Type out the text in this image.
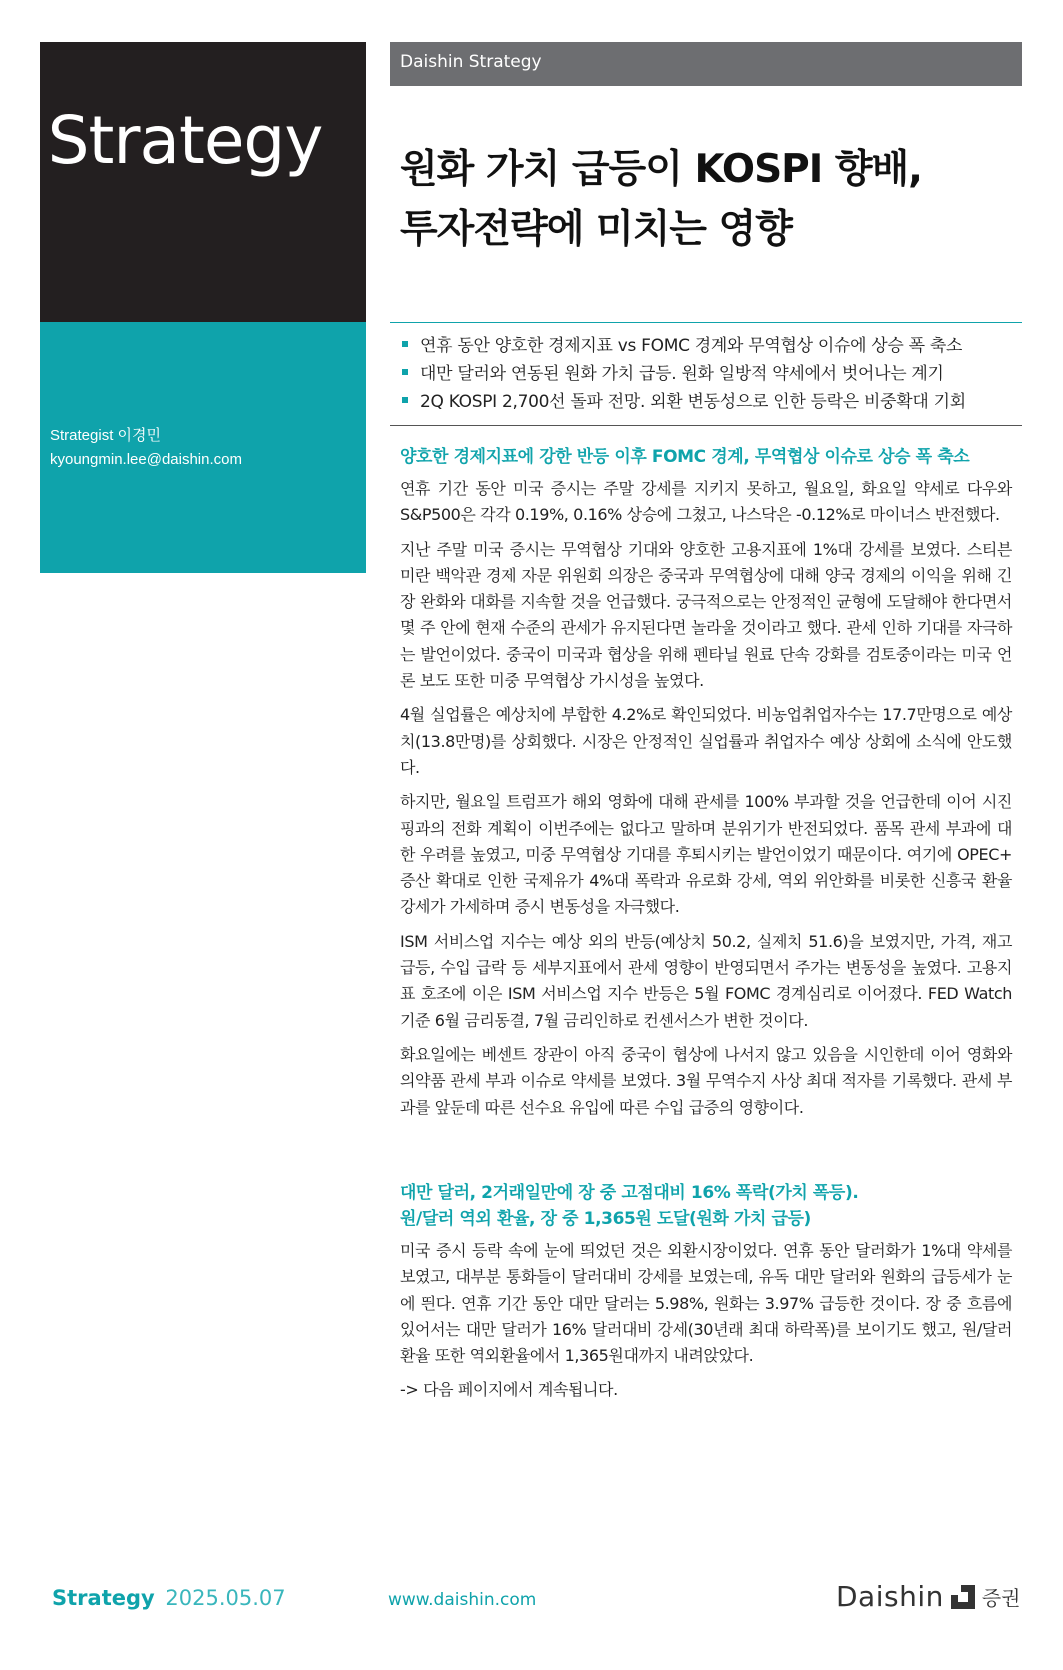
Strategy
Strategist 이경민
kyoungmin.lee@daishin.com
Daishin Strategy
원화 가치 급등이 KOSPI 향배,
투자전략에 미치는 영향
연휴 동안 양호한 경제지표 vs FOMC 경계와 무역협상 이슈에 상승 폭 축소
대만 달러와 연동된 원화 가치 급등. 원화 일방적 약세에서 벗어나는 계기
2Q KOSPI 2,700선 돌파 전망. 외환 변동성으로 인한 등락은 비중확대 기회
양호한 경제지표에 강한 반등 이후 FOMC 경계, 무역협상 이슈로 상승 폭 축소

연휴 기간 동안 미국 증시는 주말 강세를 지키지 못하고, 월요일, 화요일 약세로 다우와 S&P500은 각각 0.19%, 0.16% 상승에 그쳤고, 나스닥은 -0.12%로 마이너스 반전했다.

지난 주말 미국 증시는 무역협상 기대와 양호한 고용지표에 1%대 강세를 보였다. 스티븐 미란 백악관 경제 자문 위원회 의장은 중국과 무역협상에 대해 양국 경제의 이익을 위해 긴장 완화와 대화를 지속할 것을 언급했다. 궁극적으로는 안정적인 균형에 도달해야 한다면서 몇 주 안에 현재 수준의 관세가 유지된다면 놀라울 것이라고 했다. 관세 인하 기대를 자극하는 발언이었다. 중국이 미국과 협상을 위해 펜타닐 원료 단속 강화를 검토중이라는 미국 언론 보도 또한 미중 무역협상 가시성을 높였다.

4월 실업률은 예상치에 부합한 4.2%로 확인되었다. 비농업취업자수는 17.7만명으로 예상치(13.8만명)를 상회했다. 시장은 안정적인 실업률과 취업자수 예상 상회에 소식에 안도했다.

하지만, 월요일 트럼프가 해외 영화에 대해 관세를 100% 부과할 것을 언급한데 이어 시진핑과의 전화 계획이 이번주에는 없다고 말하며 분위기가 반전되었다. 품목 관세 부과에 대한 우려를 높였고, 미중 무역협상 기대를 후퇴시키는 발언이었기 때문이다. 여기에 OPEC+ 증산 확대로 인한 국제유가 4%대 폭락과 유로화 강세, 역외 위안화를 비롯한 신흥국 환율 강세가 가세하며 증시 변동성을 자극했다.

ISM 서비스업 지수는 예상 외의 반등(예상치 50.2, 실제치 51.6)을 보였지만, 가격, 재고 급등, 수입 급락 등 세부지표에서 관세 영향이 반영되면서 주가는 변동성을 높였다. 고용지표 호조에 이은 ISM 서비스업 지수 반등은 5월 FOMC 경계심리로 이어졌다. FED Watch 기준 6월 금리동결, 7월 금리인하로 컨센서스가 변한 것이다.

화요일에는 베센트 장관이 아직 중국이 협상에 나서지 않고 있음을 시인한데 이어 영화와 의약품 관세 부과 이슈로 약세를 보였다. 3월 무역수지 사상 최대 적자를 기록했다. 관세 부과를 앞둔데 따른 선수요 유입에 따른 수입 급증의 영향이다.

대만 달러, 2거래일만에 장 중 고점대비 16% 폭락(가치 폭등).
원/달러 역외 환율, 장 중 1,365원 도달(원화 가치 급등)

미국 증시 등락 속에 눈에 띄었던 것은 외환시장이었다. 연휴 동안 달러화가 1%대 약세를 보였고, 대부분 통화들이 달러대비 강세를 보였는데, 유독 대만 달러와 원화의 급등세가 눈에 띈다. 연휴 기간 동안 대만 달러는 5.98%, 원화는 3.97% 급등한 것이다. 장 중 흐름에 있어서는 대만 달러가 16% 달러대비 강세(30년래 최대 하락폭)를 보이기도 했고, 원/달러 환율 또한 역외환율에서 1,365원대까지 내려앉았다.

-> 다음 페이지에서 계속됩니다.
Strategy 2025.05.07	www.daishin.com	Daishin 증권
